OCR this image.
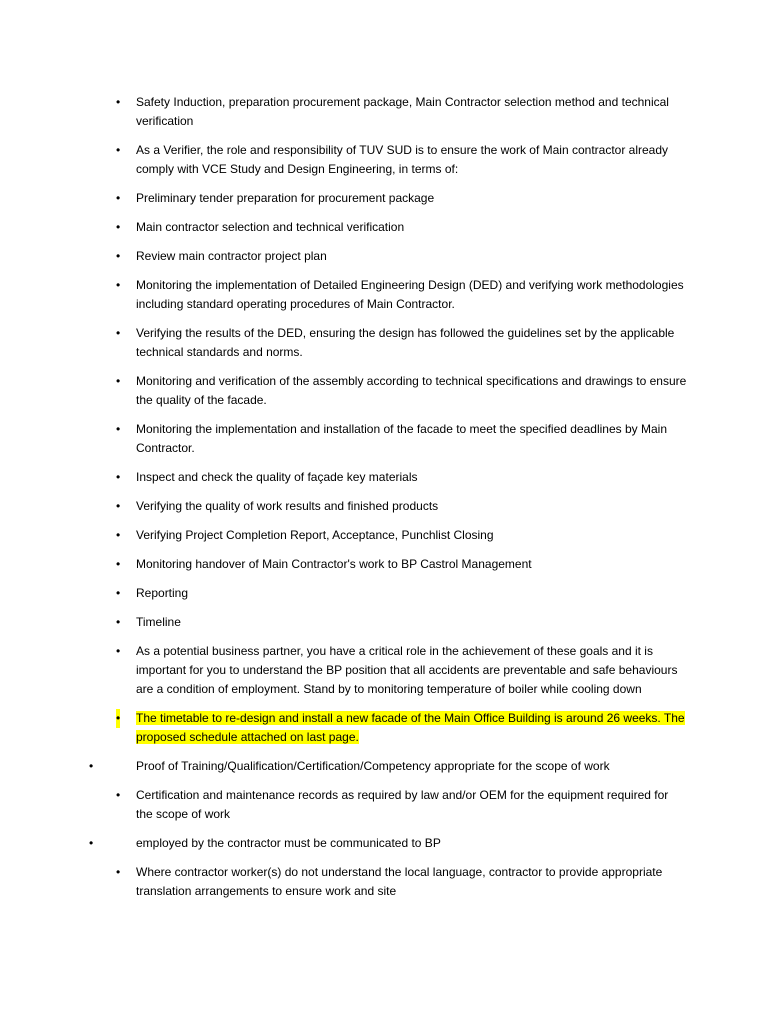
• Safety Induction, preparation procurement package, Main Contractor selection method and technical verification
• As a Verifier, the role and responsibility of TUV SUD is to ensure the work of Main contractor already comply with VCE Study and Design Engineering, in terms of:
• Preliminary tender preparation for procurement package
• Main contractor selection and technical verification
• Review main contractor project plan
• Monitoring the implementation of Detailed Engineering Design (DED) and verifying work methodologies including standard operating procedures of Main Contractor.
• Verifying the results of the DED, ensuring the design has followed the guidelines set by the applicable technical standards and norms.
• Monitoring and verification of the assembly according to technical specifications and drawings to ensure the quality of the facade.
• Monitoring the implementation and installation of the facade to meet the specified deadlines by Main Contractor.
• Inspect and check the quality of façade key materials
• Verifying the quality of work results and finished products
• Verifying Project Completion Report, Acceptance, Punchlist Closing
• Monitoring handover of Main Contractor's work to BP Castrol Management
• Reporting
• Timeline
• As a potential business partner, you have a critical role in the achievement of these goals and it is important for you to understand the BP position that all accidents are preventable and safe behaviours are a condition of employment. Stand by to monitoring temperature of boiler while cooling down
• The timetable to re-design and install a new facade of the Main Office Building is around 26 weeks. The proposed schedule attached on last page.
•	Proof of Training/Qualification/Certification/Competency appropriate for the scope of work
• Certification and maintenance records as required by law and/or OEM for the equipment required for the scope of work
•	employed by the contractor must be communicated to BP
• Where contractor worker(s) do not understand the local language, contractor to provide appropriate translation arrangements to ensure work and site
